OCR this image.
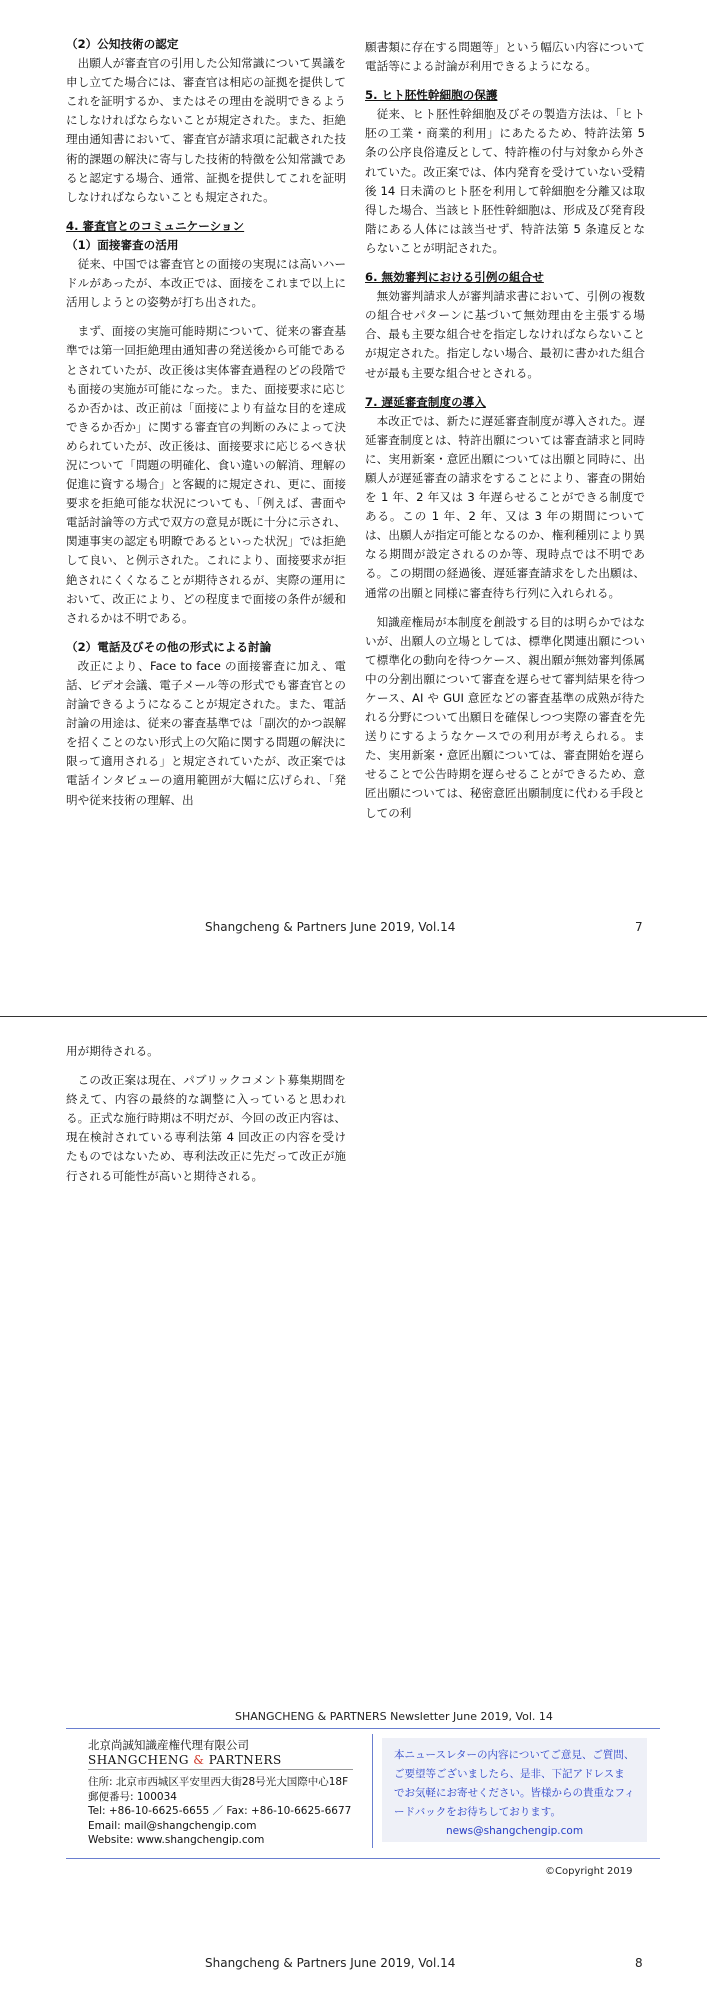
（2）公知技術の認定

出願人が審査官の引用した公知常識について異議を申し立てた場合には、審査官は相応の証拠を提供してこれを証明するか、またはその理由を説明できるようにしなければならないことが規定された。また、拒絶理由通知書において、審査官が請求項に記載された技術的課題の解決に寄与した技術的特徴を公知常識であると認定する場合、通常、証拠を提供してこれを証明しなければならないことも規定された。

4. 審査官とのコミュニケーション
（1）面接審査の活用

従来、中国では審査官との面接の実現には高いハードルがあったが、本改正では、面接をこれまで以上に活用しようとの姿勢が打ち出された。

まず、面接の実施可能時期について、従来の審査基準では第一回拒絶理由通知書の発送後から可能であるとされていたが、改正後は実体審査過程のどの段階でも面接の実施が可能になった。また、面接要求に応じるか否かは、改正前は「面接により有益な目的を達成できるか否か」に関する審査官の判断のみによって決められていたが、改正後は、面接要求に応じるべき状況について「問題の明確化、食い違いの解消、理解の促進に資する場合」と客観的に規定され、更に、面接要求を拒絶可能な状況についても、「例えば、書面や電話討論等の方式で双方の意見が既に十分に示され、関連事実の認定も明瞭であるといった状況」では拒絶して良い、と例示された。これにより、面接要求が拒絶されにくくなることが期待されるが、実際の運用において、改正により、どの程度まで面接の条件が緩和されるかは不明である。

（2）電話及びその他の形式による討論

改正により、Face to face の面接審査に加え、電話、ビデオ会議、電子メール等の形式でも審査官との討論できるようになることが規定された。また、電話討論の用途は、従来の審査基準では「副次的かつ誤解を招くことのない形式上の欠陥に関する問題の解決に限って適用される」と規定されていたが、改正案では電話インタビューの適用範囲が大幅に広げられ、「発明や従来技術の理解、出

願書類に存在する問題等」という幅広い内容について電話等による討論が利用できるようになる。

5. ヒト胚性幹細胞の保護

従来、ヒト胚性幹細胞及びその製造方法は、「ヒト胚の工業・商業的利用」にあたるため、特許法第 5 条の公序良俗違反として、特許権の付与対象から外されていた。改正案では、体内発育を受けていない受精後 14 日未満のヒト胚を利用して幹細胞を分離又は取得した場合、当該ヒト胚性幹細胞は、形成及び発育段階にある人体には該当せず、特許法第 5 条違反とならないことが明記された。

6. 無効審判における引例の組合せ

無効審判請求人が審判請求書において、引例の複数の組合せパターンに基づいて無効理由を主張する場合、最も主要な組合せを指定しなければならないことが規定された。指定しない場合、最初に書かれた組合せが最も主要な組合せとされる。

7. 遅延審査制度の導入

本改正では、新たに遅延審査制度が導入された。遅延審査制度とは、特許出願については審査請求と同時に、実用新案・意匠出願については出願と同時に、出願人が遅延審査の請求をすることにより、審査の開始を 1 年、2 年又は 3 年遅らせることができる制度である。この 1 年、2 年、又は 3 年の期間については、出願人が指定可能となるのか、権利種別により異なる期間が設定されるのか等、現時点では不明である。この期間の経過後、遅延審査請求をした出願は、通常の出願と同様に審査待ち行列に入れられる。

知識産権局が本制度を創設する目的は明らかではないが、出願人の立場としては、標準化関連出願について標準化の動向を待つケース、親出願が無効審判係属中の分割出願について審査を遅らせて審判結果を待つケース、AI や GUI 意匠などの審査基準の成熟が待たれる分野について出願日を確保しつつ実際の審査を先送りにするようなケースでの利用が考えられる。また、実用新案・意匠出願については、審査開始を遅らせることで公告時期を遅らせることができるため、意匠出願については、秘密意匠出願制度に代わる手段としての利

Shangcheng & Partners June 2019, Vol.14	7

用が期待される。

この改正案は現在、パブリックコメント募集期間を終えて、内容の最終的な調整に入っていると思われる。正式な施行時期は不明だが、今回の改正内容は、現在検討されている専利法第 4 回改正の内容を受けたものではないため、専利法改正に先だって改正が施行される可能性が高いと期待される。

SHANGCHENG & PARTNERS Newsletter June 2019, Vol. 14
北京尚誠知識産権代理有限公司
SHANGCHENG & PARTNERS
住所: 北京市西城区平安里西大街28号光大国際中心18F
郵便番号: 100034
Tel: +86-10-6625-6655 ／ Fax: +86-10-6625-6677
Email: mail@shangchengip.com
Website: www.shangchengip.com
本ニュースレターの内容についてご意見、ご質問、ご要望等ございましたら、是非、下記アドレスまでお気軽にお寄せください。皆様からの貴重なフィードバックをお待ちしております。
news@shangchengip.com
©Copyright 2019
Shangcheng & Partners June 2019, Vol.14	8
